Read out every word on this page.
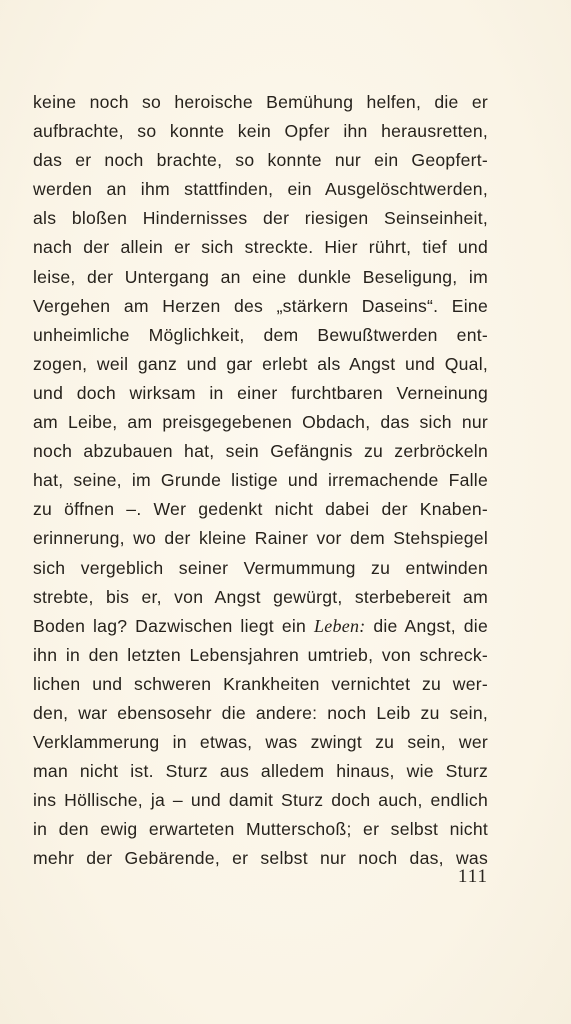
keine noch so heroische Bemühung helfen, die er
aufbrachte, so konnte kein Opfer ihn herausretten,
das er noch brachte, so konnte nur ein Geopfert-
werden an ihm stattfinden, ein Ausgelöschtwerden,
als bloßen Hindernisses der riesigen Seinseinheit,
nach der allein er sich streckte. Hier rührt, tief und
leise, der Untergang an eine dunkle Beseligung, im
Vergehen am Herzen des „stärkern Daseins“. Eine
unheimliche Möglichkeit, dem Bewußtwerden ent-
zogen, weil ganz und gar erlebt als Angst und Qual,
und doch wirksam in einer furchtbaren Verneinung
am Leibe, am preisgegebenen Obdach, das sich nur
noch abzubauen hat, sein Gefängnis zu zerbröckeln
hat, seine, im Grunde listige und irremachende Falle
zu öffnen –. Wer gedenkt nicht dabei der Knaben-
erinnerung, wo der kleine Rainer vor dem Stehspiegel
sich vergeblich seiner Vermummung zu entwinden
strebte, bis er, von Angst gewürgt, sterbebereit am
Boden lag? Dazwischen liegt ein Leben: die Angst, die
ihn in den letzten Lebensjahren umtrieb, von schreck-
lichen und schweren Krankheiten vernichtet zu wer-
den, war ebensosehr die andere: noch Leib zu sein,
Verklammerung in etwas, was zwingt zu sein, wer
man nicht ist. Sturz aus alledem hinaus, wie Sturz
ins Höllische, ja – und damit Sturz doch auch, endlich
in den ewig erwarteten Mutterschoß; er selbst nicht
mehr der Gebärende, er selbst nur noch das, was
111
